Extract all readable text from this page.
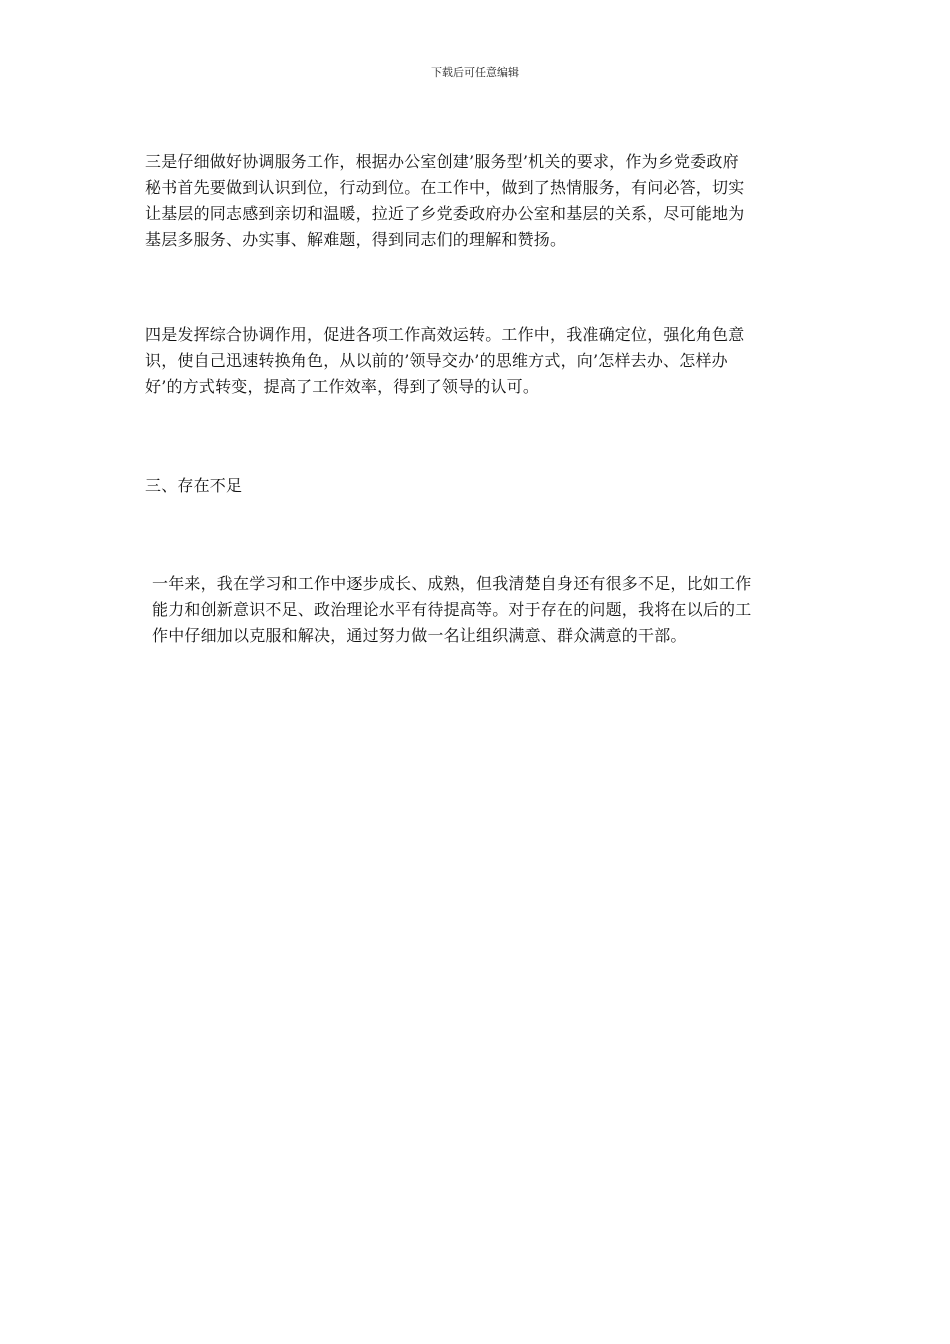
下载后可任意编辑

三是仔细做好协调服务工作，根据办公室创建’服务型’机关的要求，作为乡党委政府
秘书首先要做到认识到位，行动到位。在工作中，做到了热情服务，有问必答，切实
让基层的同志感到亲切和温暖，拉近了乡党委政府办公室和基层的关系，尽可能地为
基层多服务、办实事、解难题，得到同志们的理解和赞扬。

四是发挥综合协调作用，促进各项工作高效运转。工作中，我准确定位，强化角色意
识，使自己迅速转换角色，从以前的’领导交办’的思维方式，向’怎样去办、怎样办
好’的方式转变，提高了工作效率，得到了领导的认可。

三、存在不足

一年来，我在学习和工作中逐步成长、成熟，但我清楚自身还有很多不足，比如工作
能力和创新意识不足、政治理论水平有待提高等。对于存在的问题，我将在以后的工
作中仔细加以克服和解决，通过努力做一名让组织满意、群众满意的干部。
